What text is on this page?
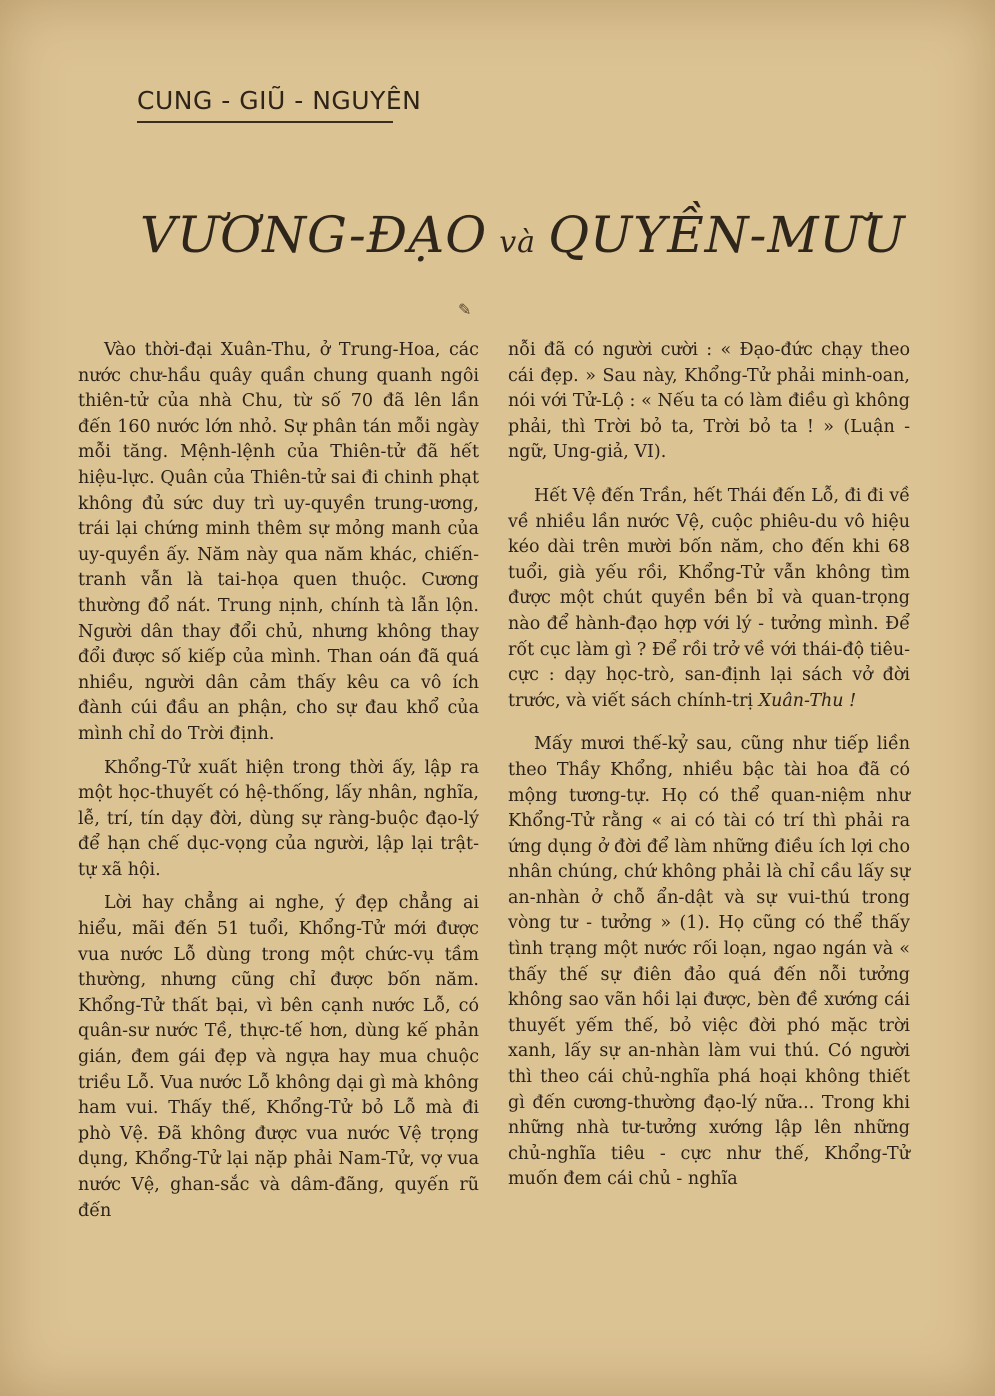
CUNG - GIŨ - NGUYÊN
VƯƠNG-ĐẠO và QUYỀN-MƯU
✎

Vào thời-đại Xuân-Thu, ở Trung-Hoa, các nước chư-hầu quây quần chung quanh ngôi thiên-tử của nhà Chu, từ số 70 đã lên lần đến 160 nước lớn nhỏ. Sự phân tán mỗi ngày mỗi tăng. Mệnh-lệnh của Thiên-tử đã hết hiệu-lực. Quân của Thiên-tử sai đi chinh phạt không đủ sức duy trì uy-quyền trung-ương, trái lại chứng minh thêm sự mỏng manh của uy-quyền ấy. Năm này qua năm khác, chiến-tranh vẫn là tai-họa quen thuộc. Cương thường đổ nát. Trung nịnh, chính tà lẫn lộn. Người dân thay đổi chủ, nhưng không thay đổi được số kiếp của mình. Than oán đã quá nhiều, người dân cảm thấy kêu ca vô ích đành cúi đầu an phận, cho sự đau khổ của mình chỉ do Trời định.

Khổng-Tử xuất hiện trong thời ấy, lập ra một học-thuyết có hệ-thống, lấy nhân, nghĩa, lễ, trí, tín dạy đời, dùng sự ràng-buộc đạo-lý để hạn chế dục-vọng của người, lập lại trật-tự xã hội.

Lời hay chẳng ai nghe, ý đẹp chẳng ai hiểu, mãi đến 51 tuổi, Khổng-Tử mới được vua nước Lỗ dùng trong một chức-vụ tầm thường, nhưng cũng chỉ được bốn năm. Khổng-Tử thất bại, vì bên cạnh nước Lỗ, có quân-sư nước Tề, thực-tế hơn, dùng kế phản gián, đem gái đẹp và ngựa hay mua chuộc triều Lỗ. Vua nước Lỗ không dại gì mà không ham vui. Thấy thế, Khổng-Tử bỏ Lỗ mà đi phò Vệ. Đã không được vua nước Vệ trọng dụng, Khổng-Tử lại nặp phải Nam-Tử, vợ vua nước Vệ, ghan-sắc và dâm-đãng, quyến rũ đến

nỗi đã có người cười : « Đạo-đức chạy theo cái đẹp. » Sau này, Khổng-Tử phải minh-oan, nói với Tử-Lộ : « Nếu ta có làm điều gì không phải, thì Trời bỏ ta, Trời bỏ ta ! » (Luận - ngữ, Ung-giả, VI).

Hết Vệ đến Trần, hết Thái đến Lỗ, đi đi về về nhiều lần nước Vệ, cuộc phiêu-du vô hiệu kéo dài trên mười bốn năm, cho đến khi 68 tuổi, già yếu rồi, Khổng-Tử vẫn không tìm được một chút quyền bền bỉ và quan-trọng nào để hành-đạo hợp với lý - tưởng mình. Để rốt cục làm gì ? Để rồi trở về với thái-độ tiêu-cực : dạy học-trò, san-định lại sách vở đời trước, và viết sách chính-trị Xuân-Thu !

Mấy mươi thế-kỷ sau, cũng như tiếp liền theo Thầy Khổng, nhiều bậc tài hoa đã có mộng tương-tự. Họ có thể quan-niệm như Khổng-Tử rằng « ai có tài có trí thì phải ra ứng dụng ở đời để làm những điều ích lợi cho nhân chúng, chứ không phải là chỉ cầu lấy sự an-nhàn ở chỗ ẩn-dật và sự vui-thú trong vòng tư - tưởng » (1). Họ cũng có thể thấy tình trạng một nước rối loạn, ngao ngán và « thấy thế sự điên đảo quá đến nỗi tưởng không sao vãn hồi lại được, bèn đề xướng cái thuyết yếm thế, bỏ việc đời phó mặc trời xanh, lấy sự an-nhàn làm vui thú. Có người thì theo cái chủ-nghĩa phá hoại không thiết gì đến cương-thường đạo-lý nữa... Trong khi những nhà tư-tưởng xướng lập lên những chủ-nghĩa tiêu - cực như thế, Khổng-Tử muốn đem cái chủ - nghĩa
